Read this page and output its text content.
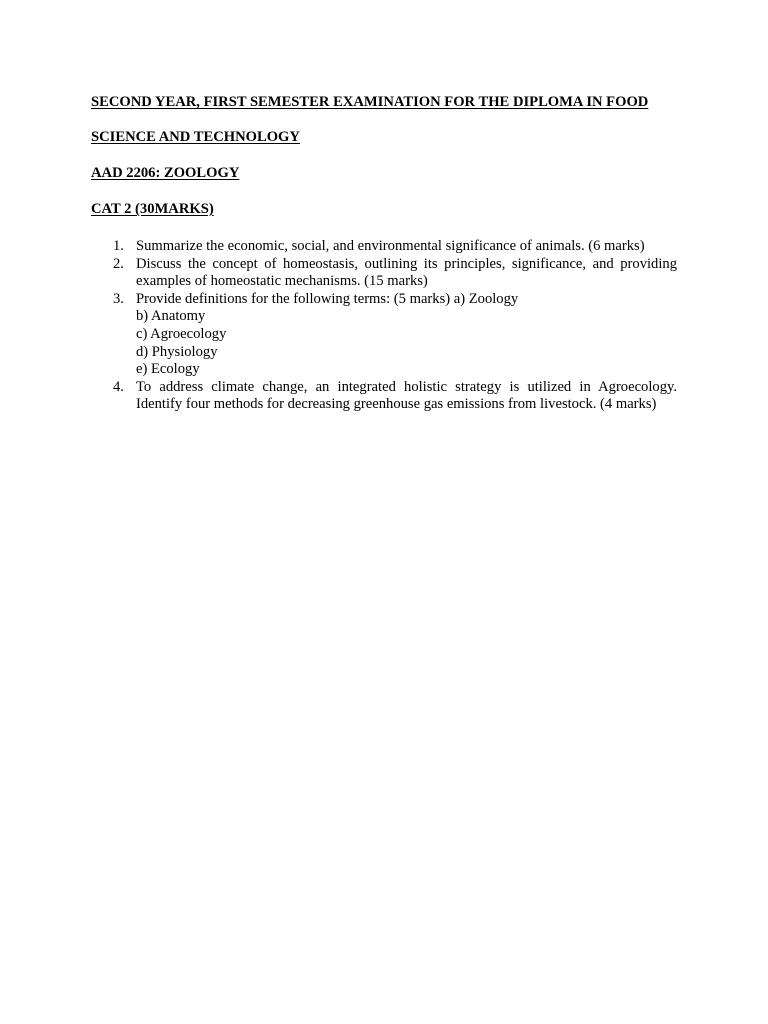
SECOND YEAR, FIRST SEMESTER EXAMINATION FOR THE DIPLOMA IN FOOD

SCIENCE AND TECHNOLOGY

AAD 2206: ZOOLOGY

CAT 2 (30MARKS)

1. Summarize the economic, social, and environmental significance of animals. (6 marks)
2. Discuss the concept of homeostasis, outlining its principles, significance, and providing examples of homeostatic mechanisms. (15 marks)
3. Provide definitions for the following terms: (5 marks) a) Zoology
b) Anatomy
c) Agroecology
d) Physiology
e) Ecology
4. To address climate change, an integrated holistic strategy is utilized in Agroecology. Identify four methods for decreasing greenhouse gas emissions from livestock. (4 marks)
